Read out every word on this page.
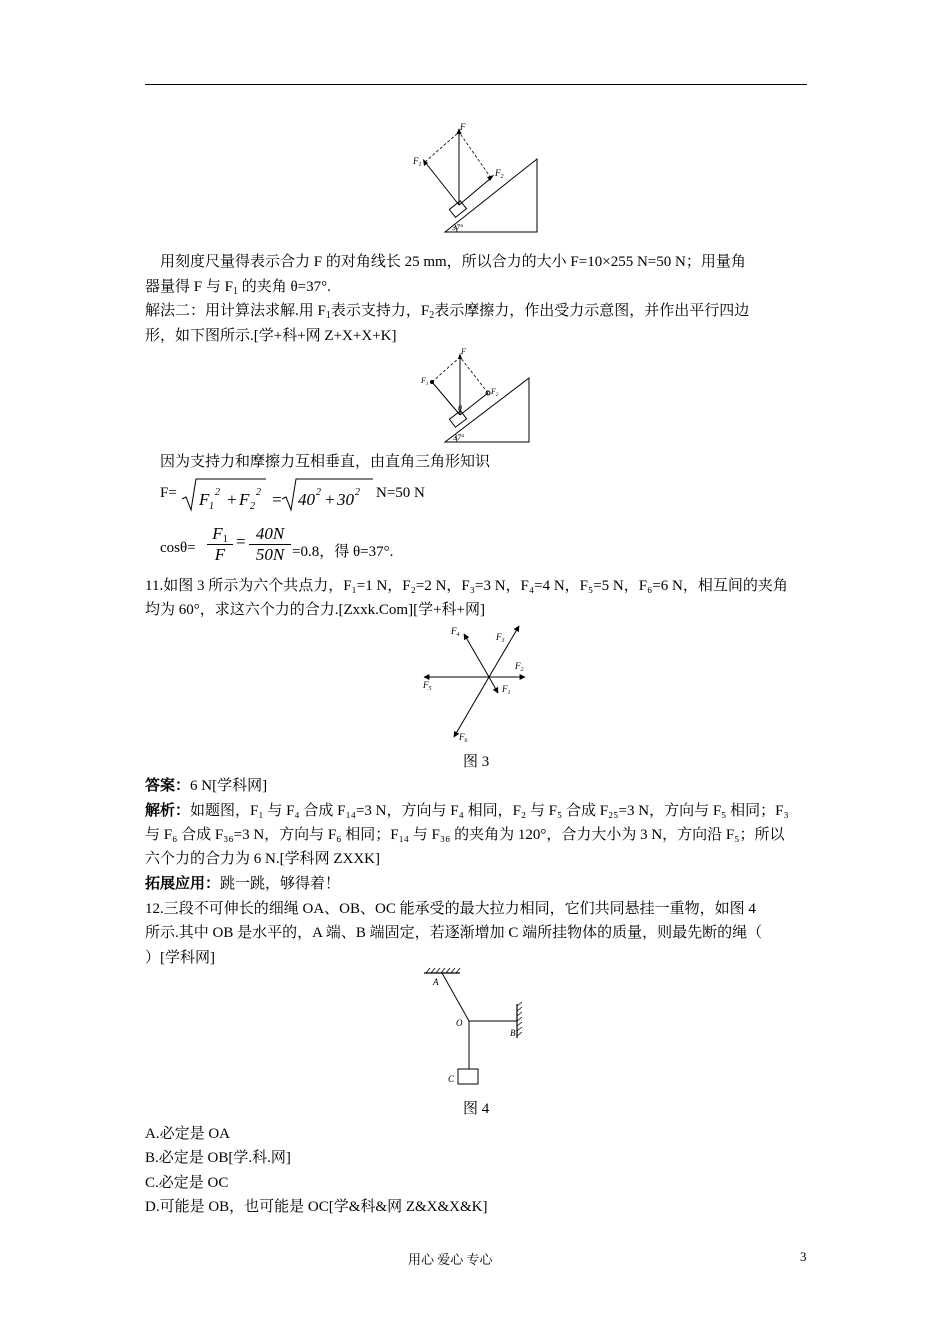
37°
F
$F_1$
$F_2$
用刻度尺量得表示合力 F 的对角线长 25 mm，所以合力的大小 F=10×255 N=50 N；用量角
器量得 F 与 $F_1$ 的夹角 θ=37°.
解法二：用计算法求解.用 $F_1$表示支持力，$F_2$表示摩擦力，作出受力示意图，并作出平行四边
形，如下图所示.[学+科+网 Z+X+X+K]
37°
θ
F
$F_1$
$F_2$
因为支持力和摩擦力互相垂直，由直角三角形知识
F= F 1
2 + F 2
2 = 40 2 + 30 2 N=50 N
$\cos\theta= \frac{F_1}{F} = \frac{40N}{50N} =0.8$，得 θ=37°.
11.如图 3 所示为六个共点力，F₁=1 N，F₂=2 N，F₃=3 N，F₄=4 N，F₅=5 N，F₆=6 N，相互间的夹角
均为 60°，求这六个力的合力.[Zxxk.Com][学+科+网]
$F_4$	$F_3$
$F_2$
$F_1$
$F_5$
$F_6$
图 3
答案：6 N[学科网]
解析：如题图，F₁ 与 F₄ 合成 F₁₄=3 N，方向与 F₄ 相同，F₂ 与 F₅ 合成 F₂₅=3 N，方向与 F₅ 相同；F₃
与 F₆ 合成 F₃₆=3 N，方向与 F₆ 相同；F₁₄ 与 F₃₆ 的夹角为 120°，合力大小为 3 N，方向沿 F₅；所以
六个力的合力为 6 N.[学科网 ZXXK]
拓展应用：跳一跳，够得着！
12.三段不可伸长的细绳 OA、OB、OC 能承受的最大拉力相同，它们共同悬挂一重物，如图 4
所示.其中 OB 是水平的，A 端、B 端固定，若逐渐增加 C 端所挂物体的质量，则最先断的绳（
）[学科网]
A
O
B
C
图 4
A.必定是 OA
B.必定是 OB[学.科.网]
C.必定是 OC
D.可能是 OB，也可能是 OC[学&科&网 Z&X&X&K]
用心 爱心 专心	3
